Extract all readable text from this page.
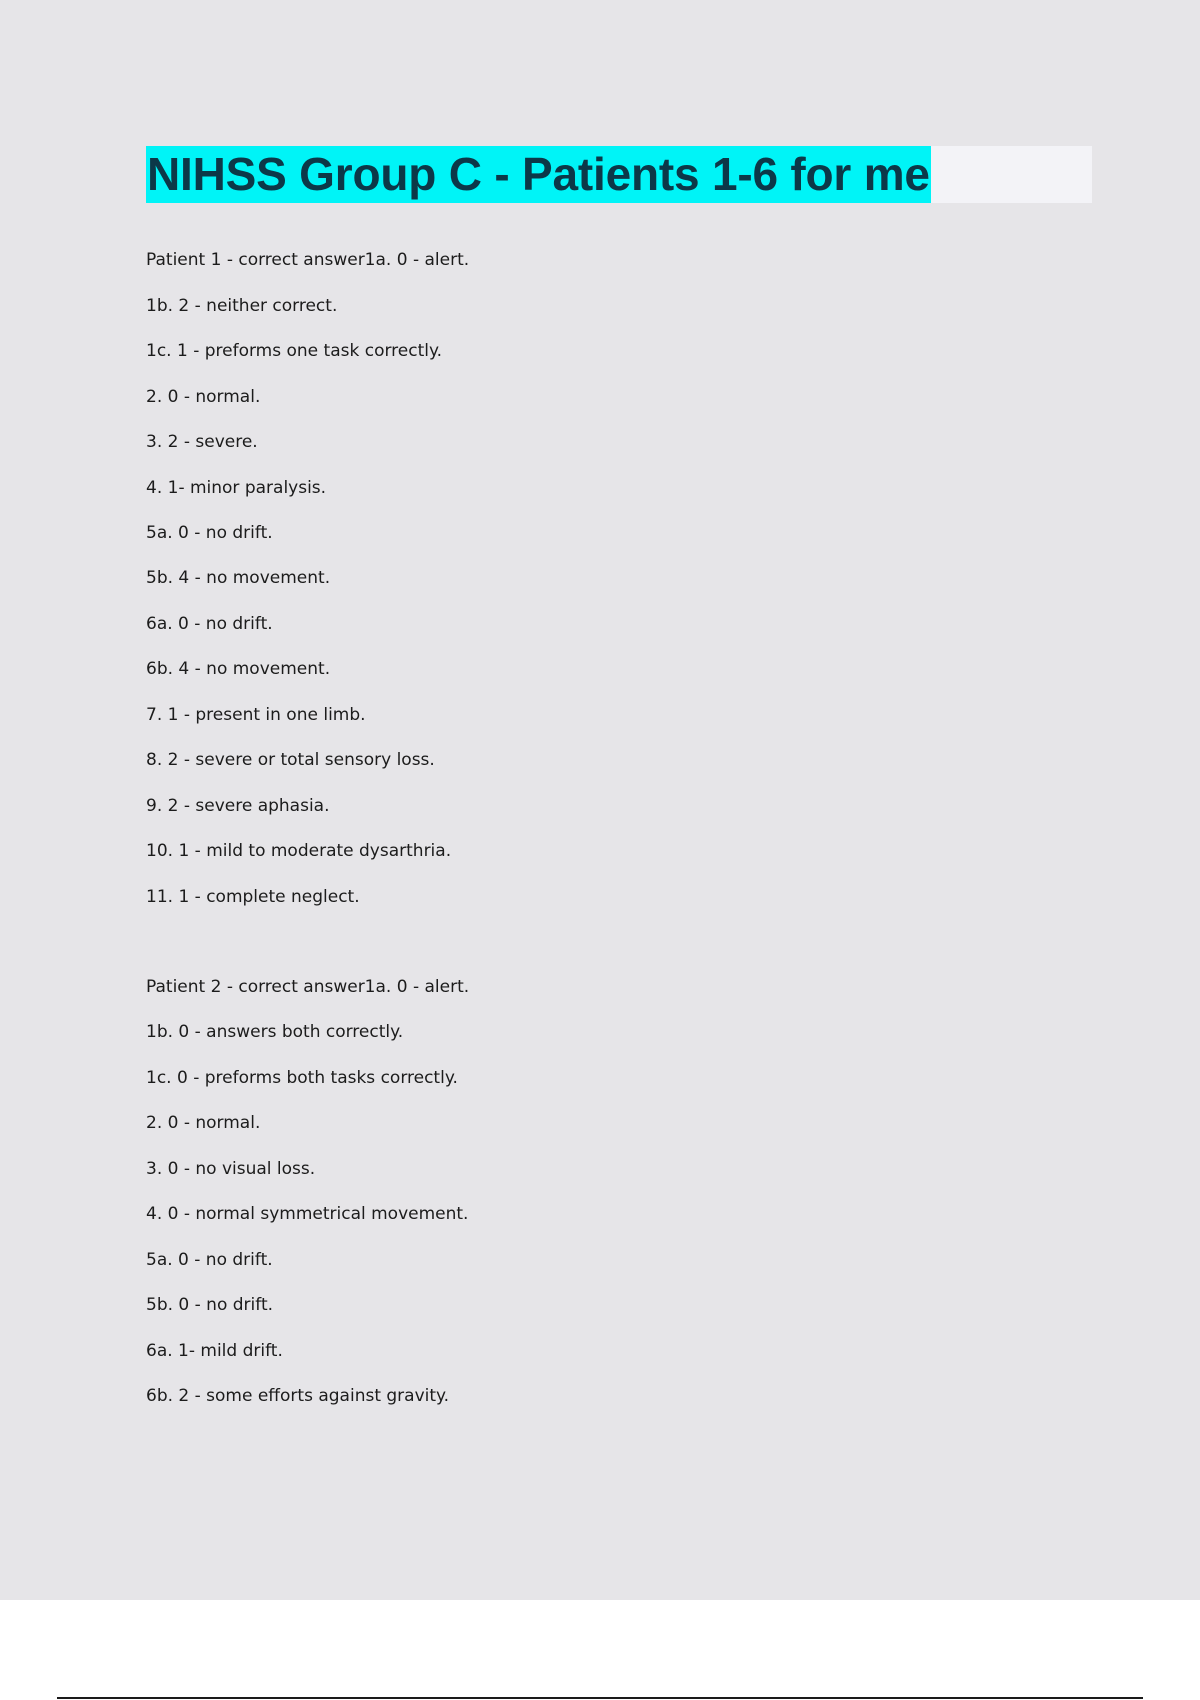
NIHSS Group C - Patients 1-6 for me
Patient 1 - correct answer1a. 0 - alert.
1b. 2 - neither correct.
1c. 1 - preforms one task correctly.
2. 0 - normal.
3. 2 - severe.
4. 1- minor paralysis.
5a. 0 - no drift.
5b. 4 - no movement.
6a. 0 - no drift.
6b. 4 - no movement.
7. 1 - present in one limb.
8. 2 - severe or total sensory loss.
9. 2 - severe aphasia.
10. 1 - mild to moderate dysarthria.
11. 1 - complete neglect.
Patient 2 - correct answer1a. 0 - alert.
1b. 0 - answers both correctly.
1c. 0 - preforms both tasks correctly.
2. 0 - normal.
3. 0 - no visual loss.
4. 0 - normal symmetrical movement.
5a. 0 - no drift.
5b. 0 - no drift.
6a. 1- mild drift.
6b. 2 - some efforts against gravity.
